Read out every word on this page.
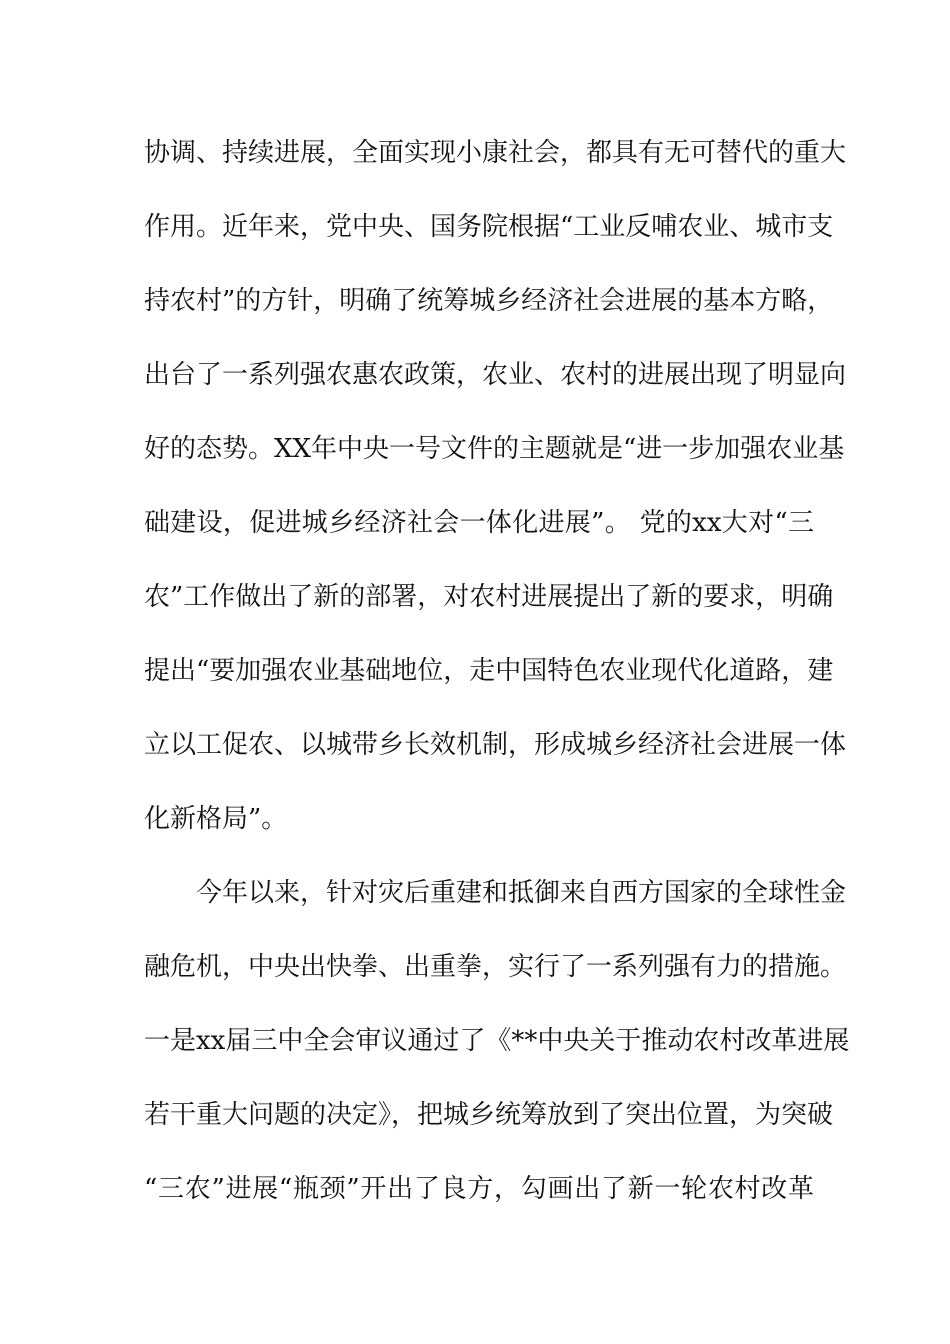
协调、持续进展，全面实现小康社会，都具有无可替代的重大
作用。近年来，党中央、国务院根据“工业反哺农业、城市支
持农村”的方针，明确了统筹城乡经济社会进展的基本方略，
出台了一系列强农惠农政策，农业、农村的进展出现了明显向
好的态势。XX年中央一号文件的主题就是“进一步加强农业基
础建设，促进城乡经济社会一体化进展”。 党的xx大对“三
农”工作做出了新的部署，对农村进展提出了新的要求，明确
提出“要加强农业基础地位，走中国特色农业现代化道路，建
立以工促农、以城带乡长效机制，形成城乡经济社会进展一体
化新格局”。
今年以来，针对灾后重建和抵御来自西方国家的全球性金
融危机，中央出快拳、出重拳，实行了一系列强有力的措施。
一是xx届三中全会审议通过了《**中央关于推动农村改革进展
若干重大问题的决定》，把城乡统筹放到了突出位置，为突破
“三农”进展“瓶颈”开出了良方，勾画出了新一轮农村改革
